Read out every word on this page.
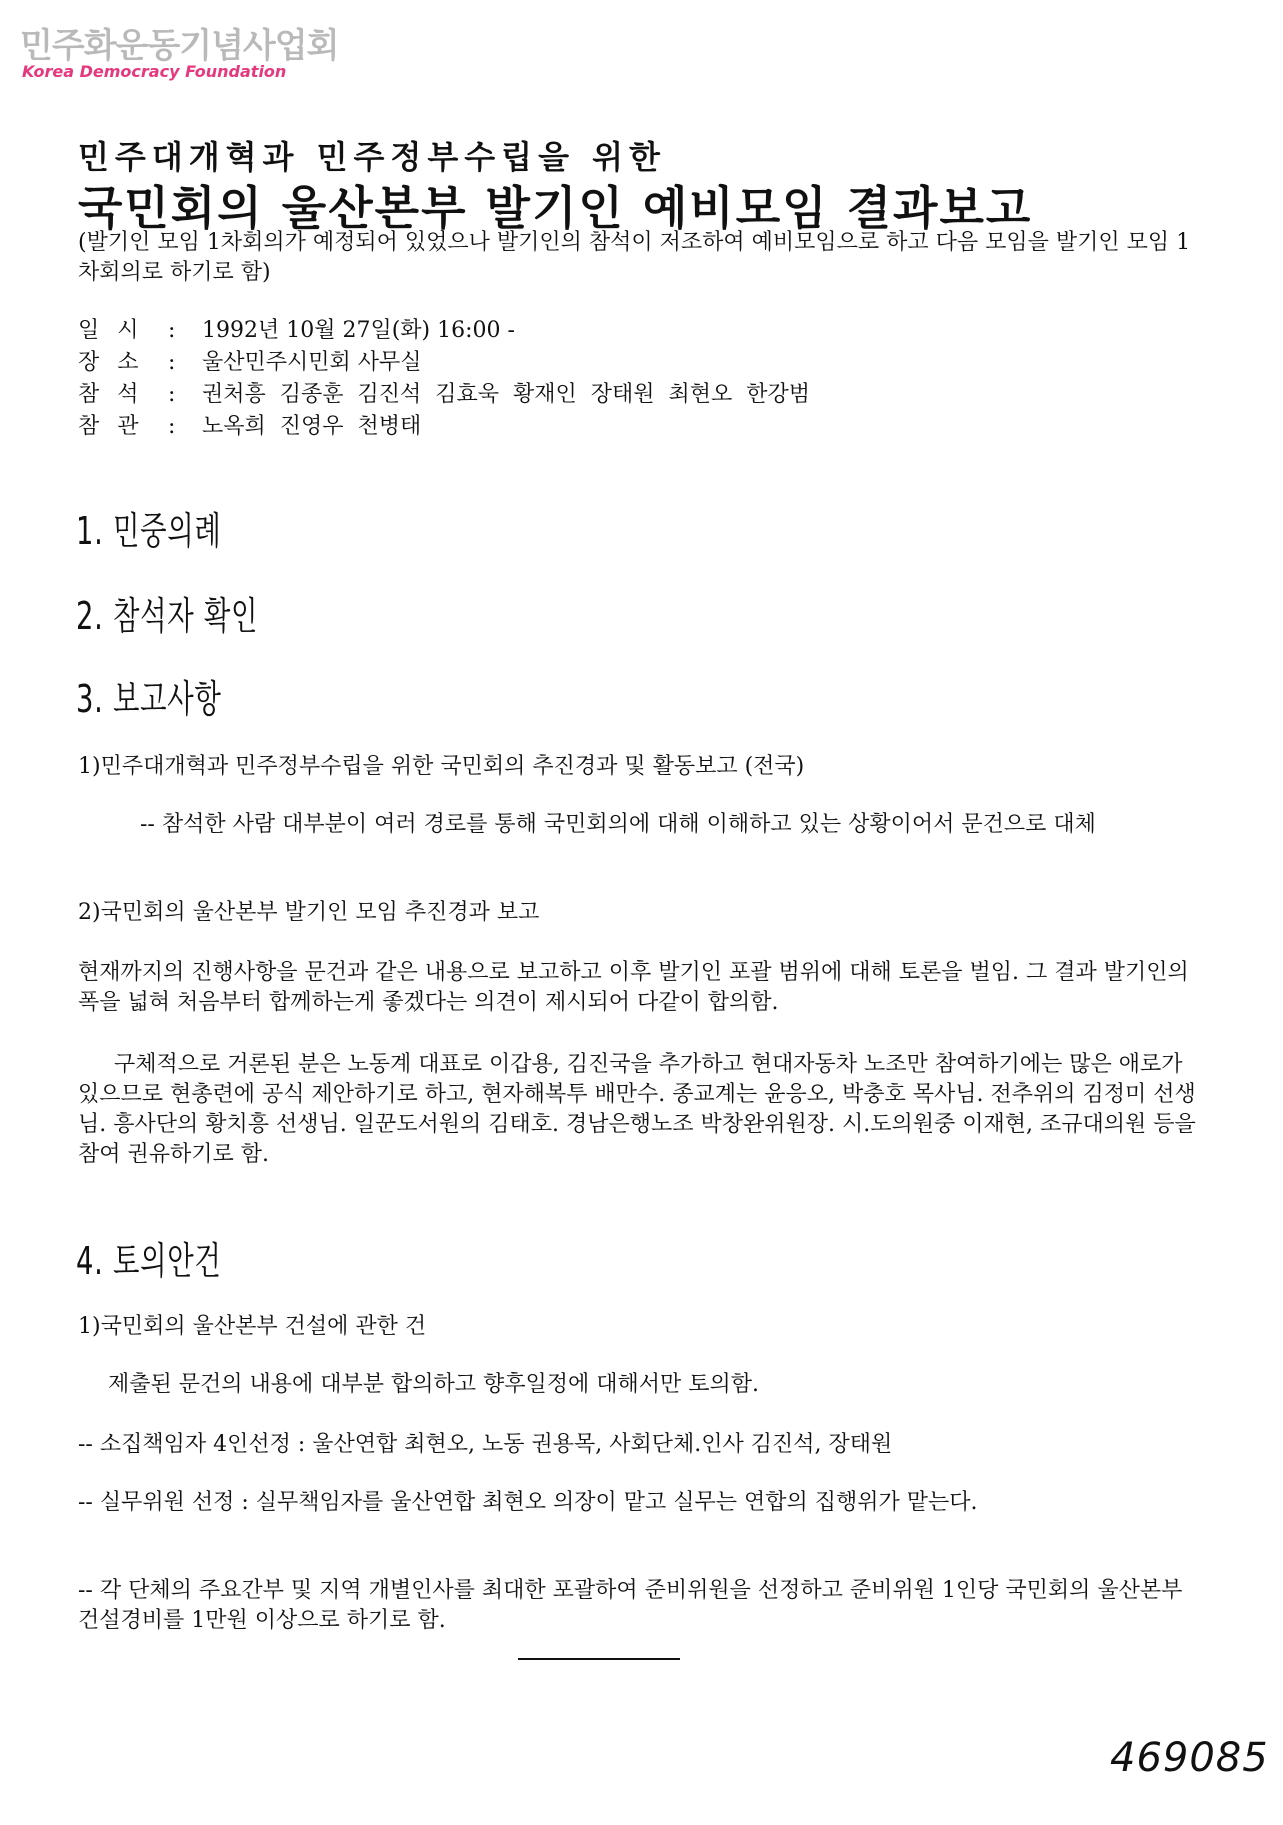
민주화운동기념사업회
Korea Democracy Foundation
민주대개혁과 민주정부수립을 위한
국민회의 울산본부 발기인 예비모임 결과보고
(발기인 모임 1차회의가 예정되어 있었으나 발기인의 참석이 저조하여 예비모임으로 하고 다음 모임을 발기인 모임 1차회의로 하기로 함)
일시 :	1992년 10월 27일(화) 16:00 -
장소 :	울산민주시민회 사무실
참석 :	권처흥  김종훈  김진석  김효욱  황재인  장태원  최현오  한강범
참관 :	노옥희  진영우  천병태
1. 민중의례
2. 참석자 확인
3. 보고사항
1)민주대개혁과 민주정부수립을 위한 국민회의 추진경과 및 활동보고 (전국)
-- 참석한 사람 대부분이 여러 경로를 통해 국민회의에 대해 이해하고 있는 상황이어서 문건으로 대체
2)국민회의 울산본부 발기인 모임 추진경과 보고
현재까지의 진행사항을 문건과 같은 내용으로 보고하고 이후 발기인 포괄 범위에 대해 토론을 벌임. 그 결과 발기인의 폭을 넓혀 처음부터 합께하는게 좋겠다는 의견이 제시되어 다같이 합의함.
구체적으로 거론된 분은 노동계 대표로 이갑용, 김진국을 추가하고 현대자동차 노조만 참여하기에는 많은 애로가 있으므로 현총련에 공식 제안하기로 하고, 현자해복투 배만수. 종교계는 윤응오, 박충호 목사님. 전추위의 김정미 선생님. 흥사단의 황치흥 선생님. 일꾼도서원의 김태호. 경남은행노조 박창완위원장. 시.도의원중 이재현, 조규대의원 등을 참여 권유하기로 함.
4. 토의안건
1)국민회의 울산본부 건설에 관한 건
제출된 문건의 내용에 대부분 합의하고 향후일정에 대해서만 토의함.
-- 소집책임자 4인선정 : 울산연합 최현오, 노동 권용목, 사회단체.인사 김진석, 장태원
-- 실무위원 선정 : 실무책임자를 울산연합 최현오 의장이 맡고 실무는 연합의 집행위가 맡는다.
-- 각 단체의 주요간부 및 지역 개별인사를 최대한 포괄하여 준비위원을 선정하고 준비위원 1인당 국민회의 울산본부 건설경비를 1만원 이상으로 하기로 함.
469085
